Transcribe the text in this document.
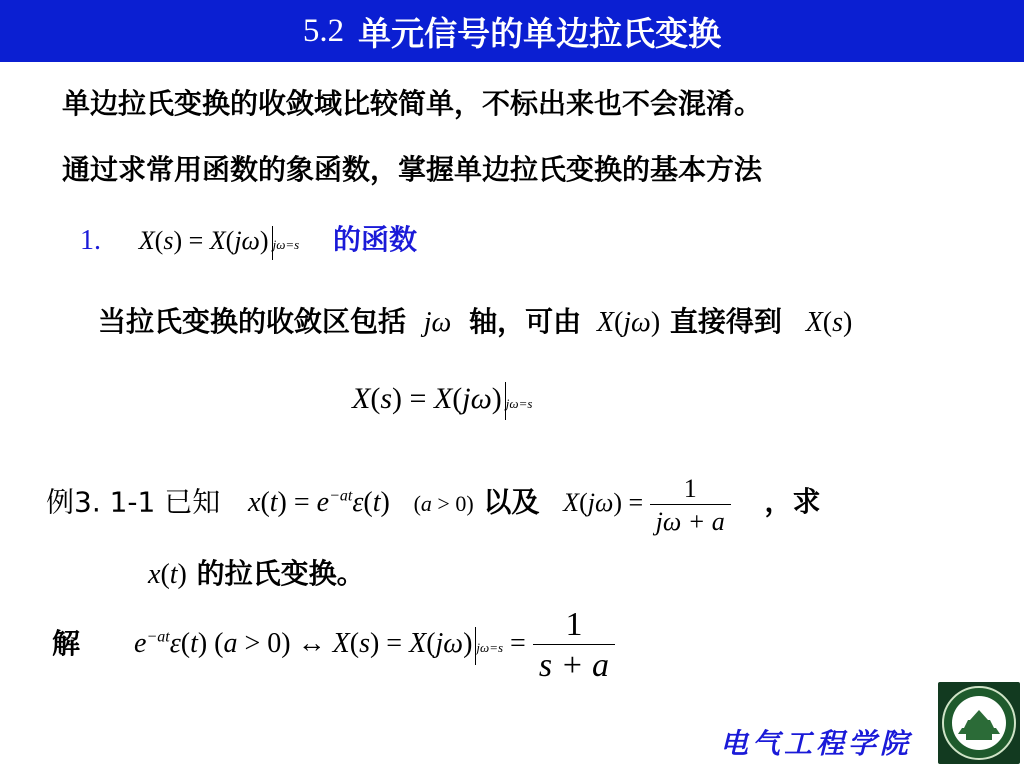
5.2 单元信号的单边拉氏变换
单边拉氏变换的收敛域比较简单，不标出来也不会混淆。
通过求常用函数的象函数，掌握单边拉氏变换的基本方法
1. X(s) = X(jω) jω=s 的函数
当拉氏变换的收敛区包括 jω 轴，可由 X(jω) 直接得到 X(s)
X(s) = X(jω) jω=s
例3. 1-1 已知 $x(t) = e^{-at}\varepsilon(t) (a > 0)$ 以及 $X(j\omega) = \frac{1}{j\omega + a}$ ，求
x(t) 的拉氏变换。
解 $e^{-at}\varepsilon(t) (a > 0)$ ↔ X(s) = X(jω) $j\omega=s = \frac{1}{s + a}$
电气工程学院
